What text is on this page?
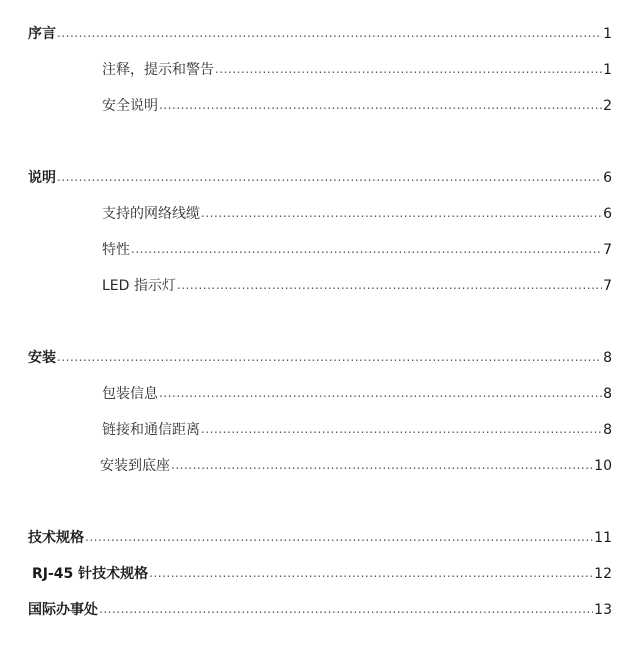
序言 .....	1
注释，提示和警告 .....	1
安全说明 .....	2
说明 .....	6
支持的网络线缆 .....	6
特性 .....	7
LED 指示灯 .....	7
安装 .....	8
包装信息 .....	8
链接和通信距离 .....	8
安装到底座 .....	10
技术规格 .....	11
RJ-45 针技术规格 .....	12
国际办事处 .....	13
